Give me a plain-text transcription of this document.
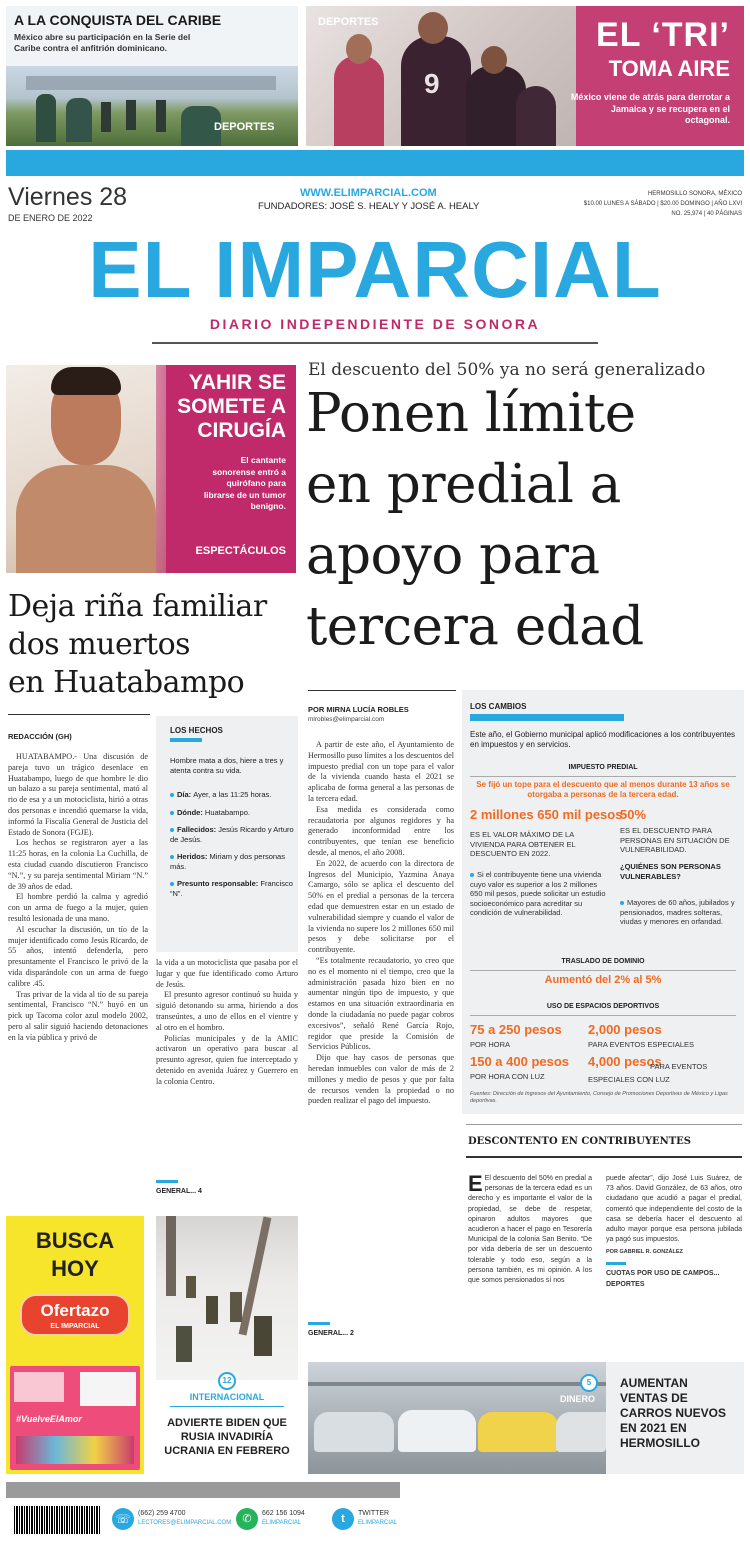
A LA CONQUISTA DEL CARIBE
México abre su participación en la Serie del Caribe contra el anfitrión dominicano.
DEPORTES
9
DEPORTES	EL ‘TRI’
TOMA AIRE
México viene de atrás para derrotar a Jamaica y se recupera en el octagonal.
Viernes 28
DE ENERO DE 2022
WWW.ELIMPARCIAL.COM
FUNDADORES: JOSÉ S. HEALY Y JOSÉ A. HEALY
HERMOSILLO SONORA, MÉXICO
$10.00 LUNES A SÁBADO | $20.00 DOMINGO | AÑO LXVI
NO. 25,974 | 40 PÁGINAS
EL IMPARCIAL
DIARIO INDEPENDIENTE DE SONORA
YAHIR SE
SOMETE A
CIRUGÍA
El cantante sonorense entró a quirófano para librarse de un tumor benigno.
ESPECTÁCULOS
El descuento del 50% ya no será generalizado
Ponen límite
en predial a
apoyo para
tercera edad
POR MIRNA LUCÍA ROBLES
mlrobles@elimparcial.com

A partir de este año, el Ayuntamiento de Hermosillo puso límites a los descuentos del impuesto predial con un tope para el valor de la vivienda cuando hasta el 2021 se aplicaba de forma general a las personas de la tercera edad.

Esa medida es considerada como recaudatoria por algunos regidores y ha generado inconformidad entre los contribuyentes, que tenían ese beneficio desde, al menos, el año 2008.

En 2022, de acuerdo con la directora de Ingresos del Municipio, Yazmina Anaya Camargo, sólo se aplica el descuento del 50% en el predial a personas de la tercera edad que demuestren estar en un estado de vulnerabilidad siempre y cuando el valor de la vivienda no supere los 2 millones 650 mil pesos y debe solicitarse por el contribuyente.

“Es totalmente recaudatorio, yo creo que no es el momento ni el tiempo, creo que la administración pasada hizo bien en no aumentar ningún tipo de impuesto, y que estamos en una situación extraordinaria en donde la ciudadanía no puede pagar cobros excesivos”, señaló René García Rojo, regidor que preside la Comisión de Servicios Públicos.

Dijo que hay casos de personas que heredan inmuebles con valor de más de 2 millones y medio de pesos y que por falta de recursos venden la propiedad o no pueden realizar el pago del impuesto.

GENERAL... 2
LOS CAMBIOS
Este año, el Gobierno municipal aplicó modificaciones a los contribuyentes en impuestos y en servicios.
IMPUESTO PREDIAL
Se fijó un tope para el descuento que al menos durante 13 años se otorgaba a personas de la tercera edad.
2 millones 650 mil pesos
ES EL VALOR MÁXIMO DE LA VIVIENDA PARA OBTENER EL DESCUENTO EN 2022.
50%
ES EL DESCUENTO PARA PERSONAS EN SITUACIÓN DE VULNERABILIDAD.
Si el contribuyente tiene una vivienda cuyo valor es superior a los 2 millones 650 mil pesos, puede solicitar un estudio socioeconómico para acreditar su condición de vulnerabilidad.
¿QUIÉNES SON PERSONAS VULNERABLES?
Mayores de 60 años, jubilados y pensionados, madres solteras, viudas y menores en orfandad.
TRASLADO DE DOMINIO
Aumentó del 2% al 5%
USO DE ESPACIOS DEPORTIVOS
75 a 250 pesos
POR HORA
2,000 pesos
PARA EVENTOS ESPECIALES
150 a 400 pesos
POR HORA CON LUZ
4,000 pesos
PARA EVENTOS ESPECIALES CON LUZ
Fuentes: Dirección de Ingresos del Ayuntamiento, Consejo de Promociones Deportivas de México y Ligas deportivas.
DESCONTENTO EN CONTRIBUYENTES
E El descuento del 50% en predial a personas de la tercera edad es un derecho y es importante el valor de la propiedad, se debe de respetar, opinaron adultos mayores que acudieron a hacer el pago en Tesorería Municipal de la colonia San Benito. “De por vida debería de ser un descuento tolerable y todo eso, según a la persona también, es mi opinión. A los que somos pensionados sí nos

puede afectar”, dijo José Luis Suárez, de 73 años. David González, de 63 años, otro ciudadano que acudió a pagar el predial, comentó que independiente del costo de la casa se debería hacer el descuento al adulto mayor porque esa persona jubilada ya pagó sus impuestos.

POR GABRIEL R. GONZÁLEZ

CUOTAS POR USO DE CAMPOS... DEPORTES

Deja riña familiar
dos muertos
en Huatabampo
REDACCIÓN (GH)

HUATABAMPO.- Una discusión de pareja tuvo un trágico desenlace en Huatabampo, luego de que hombre le dio un balazo a su pareja sentimental, mató al rio de esa y a un motociclista, hirió a otras dos personas e incendió quemarse la vida, informó la Fiscalía General de Justicia del Estado de Sonora (FGJE).

Los hechos se registraron ayer a las 11:25 horas, en la colonia La Cuchilla, de esta ciudad cuando discutieron Francisco “N.”, y su pareja sentimental Miriam “N.” de 39 años de edad.

El hombre perdió la calma y agredió con un arma de fuego a la mujer, quien resultó lesionada de una mano.

Al escuchar la discusión, un tío de la mujer identificado como Jesús Ricardo, de 55 años, intentó defenderla, pero presuntamente el Francisco le privó de la vida disparándole con un arma de fuego calibre .45.

Tras privar de la vida al tío de su pareja sentimental, Francisco “N.” huyó en un pick up Tacoma color azul modelo 2002, pero al salir siguió haciendo detonaciones en la vía pública y privó de

LOS HECHOS
Hombre mata a dos, hiere a tres y atenta contra su vida.
Día: Ayer, a las 11:25 horas.
Dónde: Huatabampo.
Fallecidos: Jesús Ricardo y Arturo de Jesús.
Heridos: Miriam y dos personas más.
Presunto responsable: Francisco “N”.

la vida a un motociclista que pasaba por el lugar y que fue identificado como Arturo de Jesús.

El presunto agresor continuó su huida y siguió detonando su arma, hiriendo a dos transeúntes, a uno de ellos en el vientre y al otro en el hombro.

Policías municipales y de la AMIC activaron un operativo para buscar al presunto agresor, quien fue interceptado y detenido en avenida Juárez y Guerrero en la colonia Centro.

GENERAL... 4
BUSCA
HOY
Ofertazo
EL IMPARCIAL
#VuelveElAmor
12
INTERNACIONAL
ADVIERTE BIDEN QUE RUSIA INVADIRÍA UCRANIA EN FEBRERO
5
DINERO
AUMENTAN VENTAS DE CARROS NUEVOS EN 2021 EN HERMOSILLO
☏	(662) 259 4700
LECTORES@ELIMPARCIAL.COM	✆	662 156 1094
ELIMPARCIAL	t	TWITTER
ELIMPARCIAL
